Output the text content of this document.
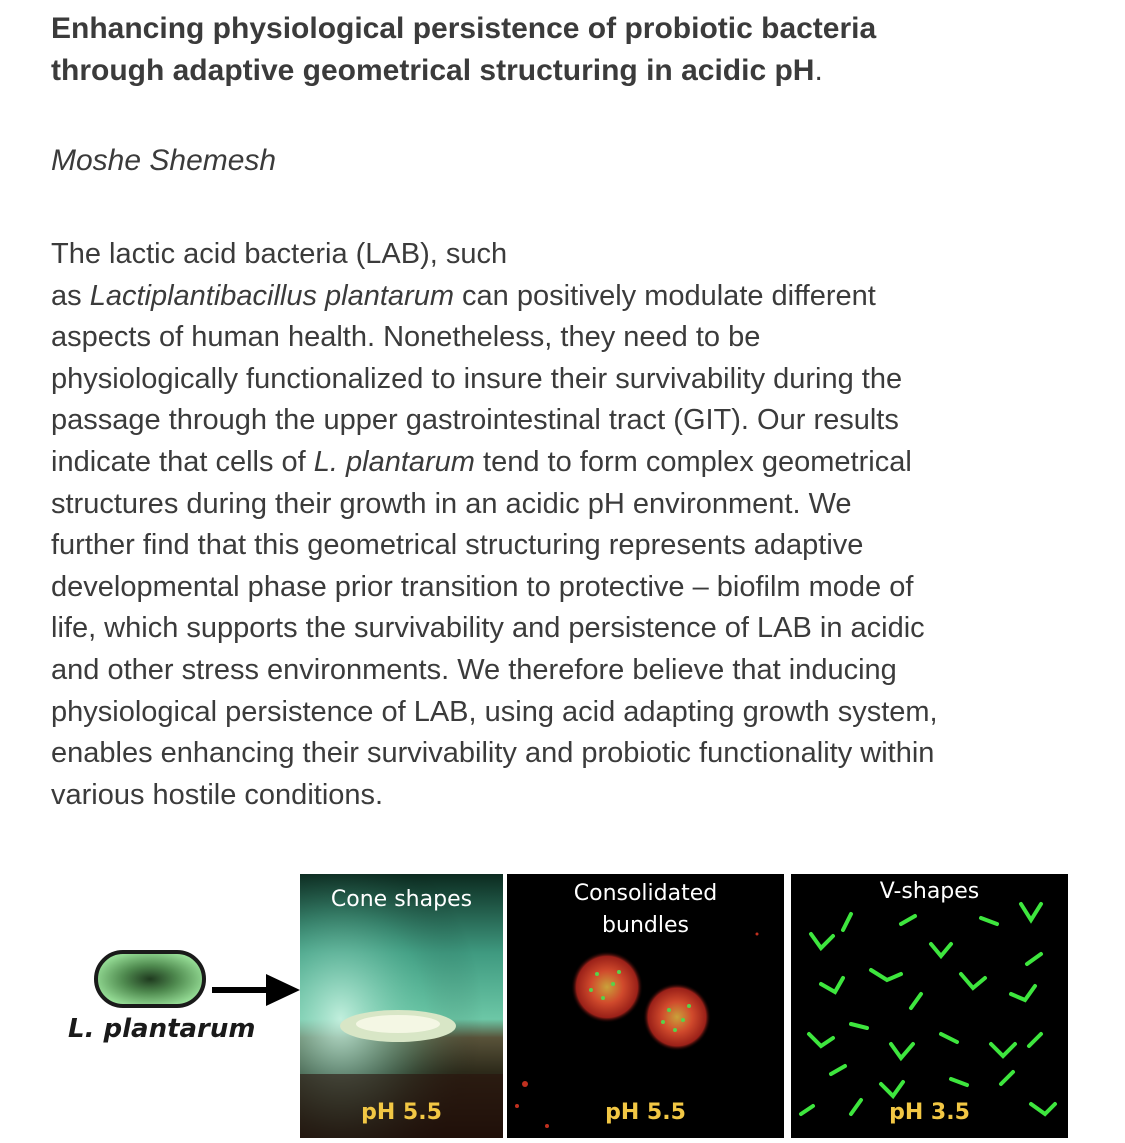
Enhancing physiological persistence of probiotic bacteria
through adaptive geometrical structuring in acidic pH.

Moshe Shemesh

The lactic acid bacteria (LAB), such
as Lactiplantibacillus plantarum can positively modulate different
aspects of human health. Nonetheless, they need to be
physiologically functionalized to insure their survivability during the
passage through the upper gastrointestinal tract (GIT). Our results
indicate that cells of L. plantarum tend to form complex geometrical
structures during their growth in an acidic pH environment. We
further find that this geometrical structuring represents adaptive
developmental phase prior transition to protective – biofilm mode of
life, which supports the survivability and persistence of LAB in acidic
and other stress environments. We therefore believe that inducing
physiological persistence of LAB, using acid adapting growth system,
enables enhancing their survivability and probiotic functionality within
various hostile conditions.

L. plantarum
Cone shapes
pH 5.5
Consolidated
bundles
pH 5.5
V-shapes
pH 3.5
